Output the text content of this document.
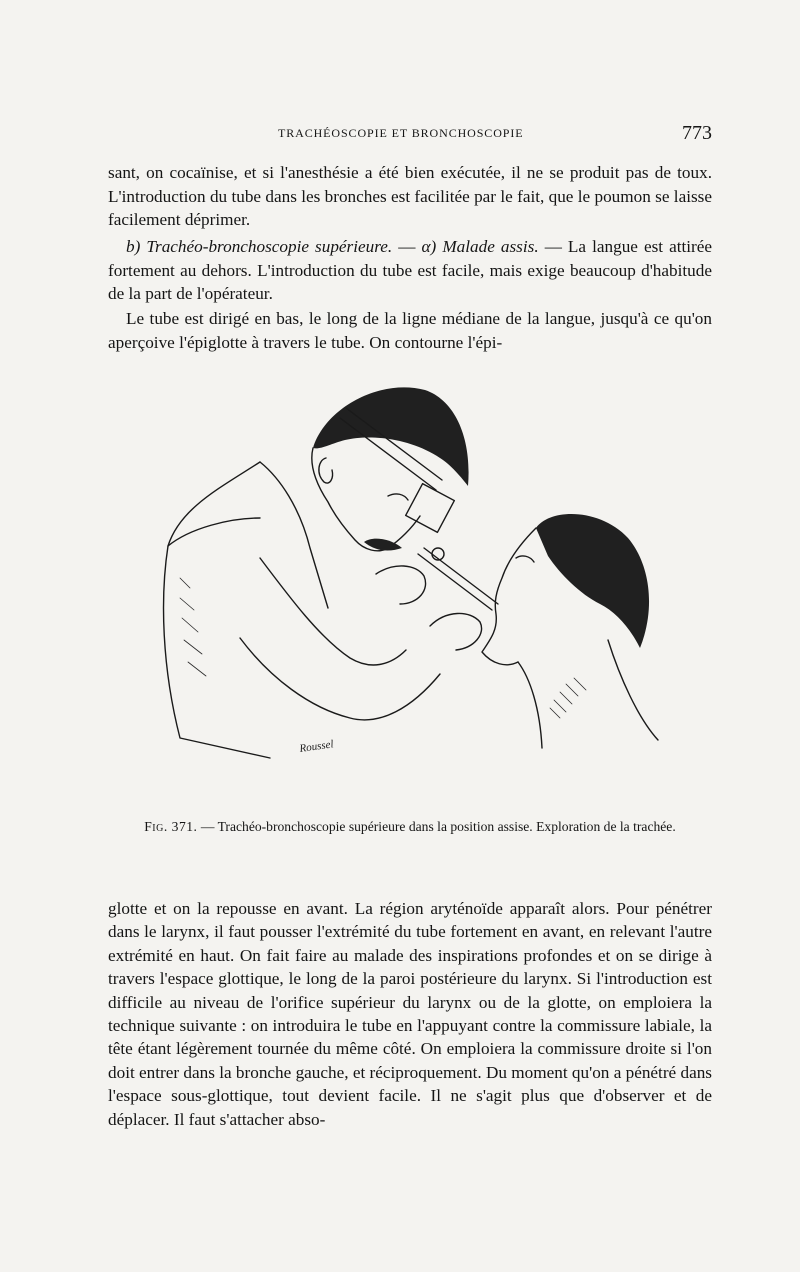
TRACHÉOSCOPIE ET BRONCHOSCOPIE	773

sant, on cocaïnise, et si l'anesthésie a été bien exécutée, il ne se produit pas de toux. L'introduction du tube dans les bronches est facilitée par le fait, que le poumon se laisse facilement déprimer.

b) Trachéo-bronchoscopie supérieure. — α) Malade assis. — La langue est attirée fortement au dehors. L'introduction du tube est facile, mais exige beaucoup d'habitude de la part de l'opérateur.

Le tube est dirigé en bas, le long de la ligne médiane de la langue, jusqu'à ce qu'on aperçoive l'épiglotte à travers le tube. On contourne l'épi-

Roussel
Fig. 371. — Trachéo-bronchoscopie supérieure dans la position assise. Exploration de la trachée.

glotte et on la repousse en avant. La région aryténoïde apparaît alors. Pour pénétrer dans le larynx, il faut pousser l'extrémité du tube fortement en avant, en relevant l'autre extrémité en haut. On fait faire au malade des inspirations profondes et on se dirige à travers l'espace glottique, le long de la paroi postérieure du larynx. Si l'introduction est difficile au niveau de l'orifice supérieur du larynx ou de la glotte, on emploiera la technique suivante : on introduira le tube en l'appuyant contre la commissure labiale, la tête étant légèrement tournée du même côté. On emploiera la commissure droite si l'on doit entrer dans la bronche gauche, et réciproquement. Du moment qu'on a pénétré dans l'espace sous-glottique, tout devient facile. Il ne s'agit plus que d'observer et de déplacer. Il faut s'attacher abso-
